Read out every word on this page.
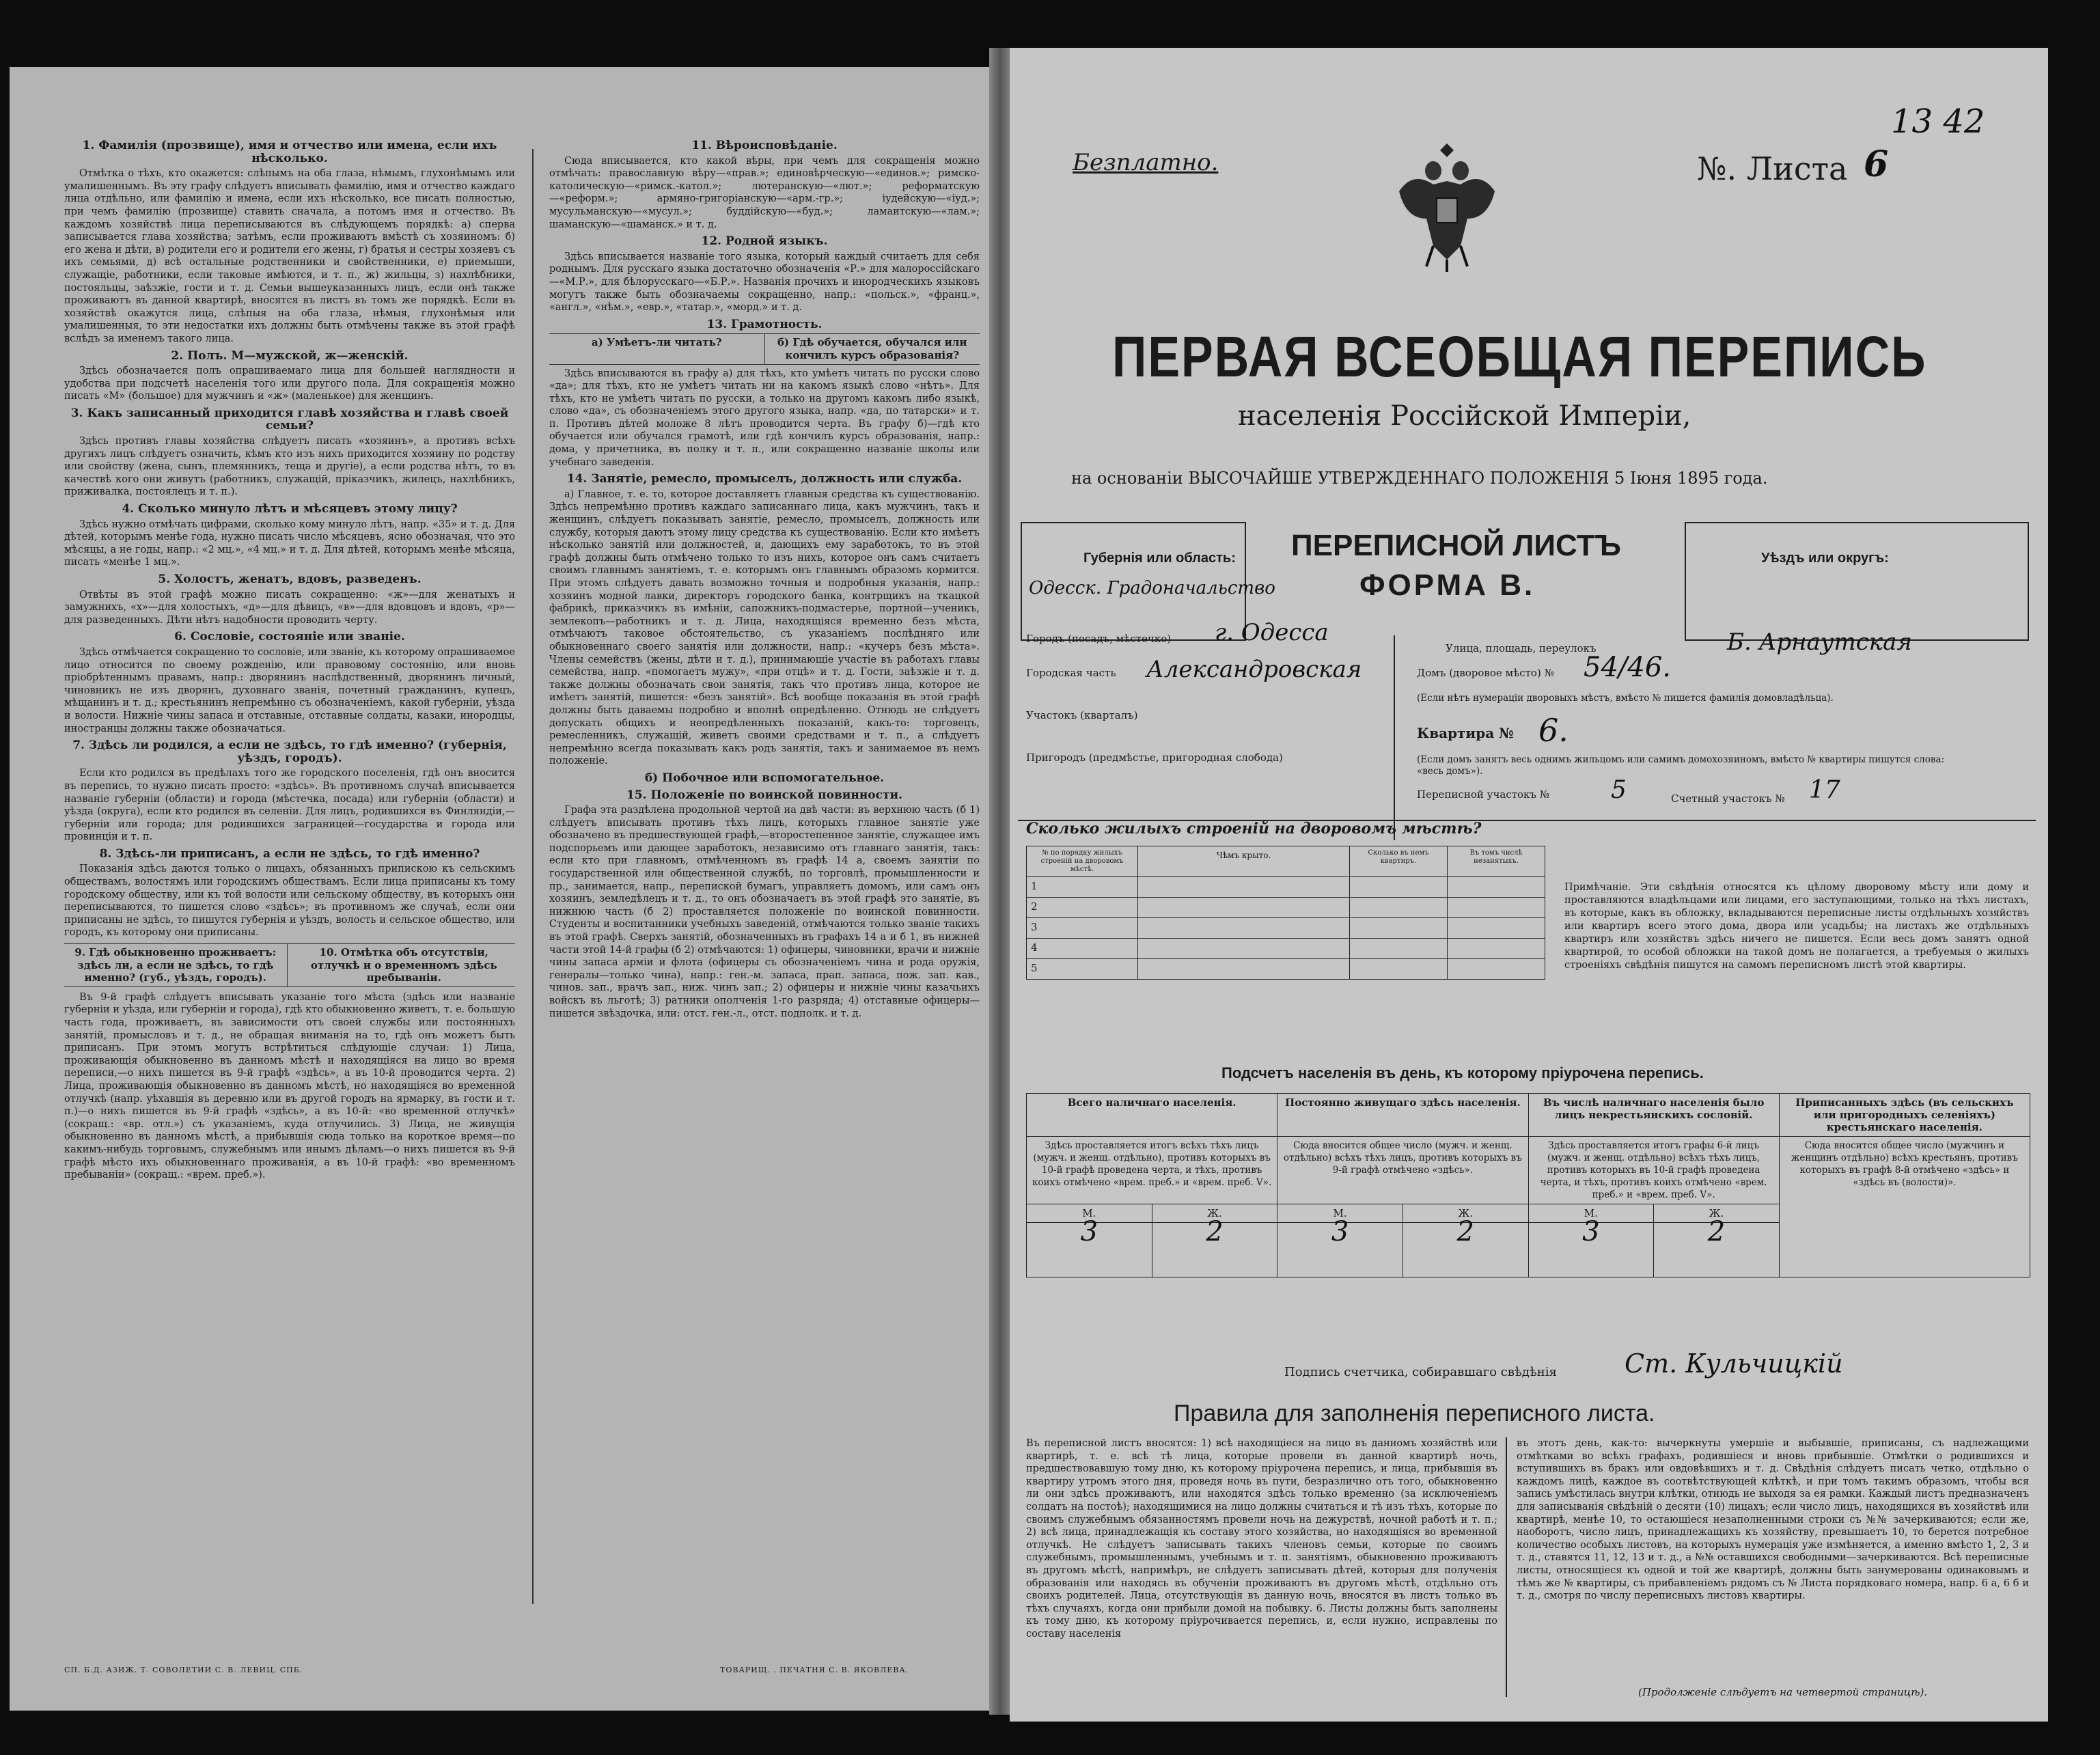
1. Фамилія (прозвище), имя и отчество или имена, если ихъ нѣсколько.

Отмѣтка о тѣхъ, кто окажется: слѣпымъ на оба глаза, нѣмымъ, глухонѣмымъ или умалишеннымъ. Въ эту графу слѣдуетъ вписывать фамилію, имя и отчество каждаго лица отдѣльно, или фамилію и имена, если ихъ нѣсколько, все писать полностью, при чемъ фамилію (прозвище) ставить сначала, а потомъ имя и отчество. Въ каждомъ хозяйствѣ лица переписываются въ слѣдующемъ порядкѣ: а) сперва записывается глава хозяйства; затѣмъ, если проживаютъ вмѣстѣ съ хозяиномъ: б) его жена и дѣти, в) родители его и родители его жены, г) братья и сестры хозяевъ съ ихъ семьями, д) всѣ остальные родственники и свойственники, е) приемыши, служащіе, работники, если таковые имѣются, и т. п., ж) жильцы, з) нахлѣбники, постояльцы, заѣзжіе, гости и т. д. Семьи вышеуказанныхъ лицъ, если онѣ также проживаютъ въ данной квартирѣ, вносятся въ листъ въ томъ же порядкѣ. Если въ хозяйствѣ окажутся лица, слѣпыя на оба глаза, нѣмыя, глухонѣмыя или умалишенныя, то эти недостатки ихъ должны быть отмѣчены также въ этой графѣ вслѣдъ за именемъ такого лица.

2. Полъ. М—мужской, ж—женскій.

Здѣсь обозначается полъ опрашиваемаго лица для большей наглядности и удобства при подсчетѣ населенія того или другого пола. Для сокращенія можно писать «М» (большое) для мужчинъ и «ж» (маленькое) для женщинъ.

3. Какъ записанный приходится главѣ хозяйства и главѣ своей семьи?

Здѣсь противъ главы хозяйства слѣдуетъ писать «хозяинъ», а противъ всѣхъ другихъ лицъ слѣдуетъ означить, кѣмъ кто изъ нихъ приходится хозяину по родству или свойству (жена, сынъ, племянникъ, теща и другіе), а если родства нѣтъ, то въ качествѣ кого они живутъ (работникъ, служащій, пріказчикъ, жилецъ, нахлѣбникъ, приживалка, постоялецъ и т. п.).

4. Сколько минуло лѣтъ и мѣсяцевъ этому лицу?

Здѣсь нужно отмѣчать цифрами, сколько кому минуло лѣтъ, напр. «35» и т. д. Для дѣтей, которымъ менѣе года, нужно писать число мѣсяцевъ, ясно обозначая, что это мѣсяцы, а не годы, напр.: «2 мц.», «4 мц.» и т. д. Для дѣтей, которымъ менѣе мѣсяца, писать «менѣе 1 мц.».

5. Холостъ, женатъ, вдовъ, разведенъ.

Отвѣты въ этой графѣ можно писать сокращенно: «ж»—для женатыхъ и замужнихъ, «х»—для холостыхъ, «д»—для дѣвицъ, «в»—для вдовцовъ и вдовъ, «р»—для разведенныхъ. Дѣти нѣтъ надобности проводить черту.

6. Сословіе, состояніе или званіе.

Здѣсь отмѣчается сокращенно то сословіе, или званіе, къ которому опрашиваемое лицо относится по своему рожденію, или правовому состоянію, или вновь пріобрѣтеннымъ правамъ, напр.: дворянинъ наслѣдственный, дворянинъ личный, чиновникъ не изъ дворянъ, духовнаго званія, почетный гражданинъ, купецъ, мѣщанинъ и т. д.; крестьянинъ непремѣнно съ обозначеніемъ, какой губерніи, уѣзда и волости. Нижніе чины запаса и отставные, отставные солдаты, казаки, инородцы, иностранцы должны также обозначаться.

7. Здѣсь ли родился, а если не здѣсь, то гдѣ именно? (губернія, уѣздъ, городъ).

Если кто родился въ предѣлахъ того же городского поселенія, гдѣ онъ вносится въ перепись, то нужно писать просто: «здѣсь». Въ противномъ случаѣ вписывается названіе губерніи (области) и города (мѣстечка, посада) или губерніи (области) и уѣзда (округа), если кто родился въ селеніи. Для лицъ, родившихся въ Финляндіи,—губерніи или города; для родившихся заграницей—государства и города или провинціи и т. п.

8. Здѣсь-ли приписанъ, а если не здѣсь, то гдѣ именно?

Показанія здѣсь даются только о лицахъ, обязанныхъ припискою къ сельскимъ обществамъ, волостямъ или городскимъ обществамъ. Если лица приписаны къ тому городскому обществу, или къ той волости или сельскому обществу, въ которыхъ они переписываются, то пишется слово «здѣсь»; въ противномъ же случаѣ, если они приписаны не здѣсь, то пишутся губернія и уѣздъ, волость и сельское общество, или городъ, къ которому они приписаны.

9. Гдѣ обыкновенно проживаетъ: здѣсь ли, а если не здѣсь, то гдѣ именно? (губ., уѣздъ, городъ).
10. Отмѣтка объ отсутствіи, отлучкѣ и о временномъ здѣсь пребываніи.

Въ 9-й графѣ слѣдуетъ вписывать указаніе того мѣста (здѣсь или названіе губерніи и уѣзда, или губерніи и города), гдѣ кто обыкновенно живетъ, т. е. большую часть года, проживаетъ, въ зависимости отъ своей службы или постоянныхъ занятій, промысловъ и т. д., не обращая вниманія на то, гдѣ онъ можетъ быть приписанъ. При этомъ могутъ встрѣтиться слѣдующіе случаи: 1) Лица, проживающія обыкновенно въ данномъ мѣстѣ и находящіяся на лицо во время переписи,—о нихъ пишется въ 9-й графѣ «здѣсь», а въ 10-й проводится черта. 2) Лица, проживающія обыкновенно въ данномъ мѣстѣ, но находящіяся во временной отлучкѣ (напр. уѣхавшія въ деревню или въ другой городъ на ярмарку, въ гости и т. п.)—о нихъ пишется въ 9-й графѣ «здѣсь», а въ 10-й: «во временной отлучкѣ» (сокращ.: «вр. отл.») съ указаніемъ, куда отлучились. 3) Лица, не живущія обыкновенно въ данномъ мѣстѣ, а прибывшія сюда только на короткое время—по какимъ-нибудь торговымъ, служебнымъ или инымъ дѣламъ—о нихъ пишется въ 9-й графѣ мѣсто ихъ обыкновеннаго проживанія, а въ 10-й графѣ: «во временномъ пребываніи» (сокращ.: «врем. преб.»).

11. Вѣроисповѣданіе.

Сюда вписывается, кто какой вѣры, при чемъ для сокращенія можно отмѣчать: православную вѣру—«прав.»; единовѣрческую—«единов.»; римско-католическую—«римск.-катол.»; лютеранскую—«лют.»; реформатскую—«реформ.»; армяно-григоріанскую—«арм.-гр.»; іудейскую—«іуд.»; мусульманскую—«мусул.»; буддійскую—«буд.»; ламаитскую—«лам.»; шаманскую—«шаманск.» и т. д.

12. Родной языкъ.

Здѣсь вписывается названіе того языка, который каждый считаетъ для себя роднымъ. Для русскаго языка достаточно обозначенія «Р.» для малороссійскаго—«М.Р.», для бѣлорусскаго—«Б.Р.». Названія прочихъ и инородческихъ языковъ могутъ также быть обозначаемы сокращенно, напр.: «польск.», «франц.», «англ.», «нѣм.», «евр.», «татар.», «морд.» и т. д.

13. Грамотность.
а) Умѣетъ-ли читать?	б) Гдѣ обучается, обучался или кончилъ курсъ образованія?

Здѣсь вписываются въ графу а) для тѣхъ, кто умѣетъ читать по русски слово «да»; для тѣхъ, кто не умѣетъ читать ни на какомъ языкѣ слово «нѣтъ». Для тѣхъ, кто не умѣетъ читать по русски, а только на другомъ какомъ либо языкѣ, слово «да», съ обозначеніемъ этого другого языка, напр. «да, по татарски» и т. п. Противъ дѣтей моложе 8 лѣтъ проводится черта. Въ графу б)—гдѣ кто обучается или обучался грамотѣ, или гдѣ кончилъ курсъ образованія, напр.: дома, у причетника, въ полку и т. п., или сокращенно названіе школы или учебнаго заведенія.

14. Занятіе, ремесло, промыселъ, должность или служба.

а) Главное, т. е. то, которое доставляетъ главныя средства къ существованію. Здѣсь непремѣнно противъ каждаго записаннаго лица, какъ мужчинъ, такъ и женщинъ, слѣдуетъ показывать занятіе, ремесло, промыселъ, должность или службу, которыя даютъ этому лицу средства къ существованію. Если кто имѣетъ нѣсколько занятій или должностей, и, дающихъ ему заработокъ, то въ этой графѣ должны быть отмѣчено только то изъ нихъ, которое онъ самъ считаетъ своимъ главнымъ занятіемъ, т. е. которымъ онъ главнымъ образомъ кормится. При этомъ слѣдуетъ давать возможно точныя и подробныя указанія, напр.: хозяинъ модной лавки, директоръ городского банка, контрщикъ на ткацкой фабрикѣ, приказчикъ въ имѣніи, сапожникъ-подмастерье, портной—ученикъ, землекопъ—работникъ и т. д. Лица, находящіяся временно безъ мѣста, отмѣчаютъ таковое обстоятельство, съ указаніемъ послѣдняго или обыкновеннаго своего занятія или должности, напр.: «кучеръ безъ мѣста». Члены семействъ (жены, дѣти и т. д.), принимающіе участіе въ работахъ главы семейства, напр. «помогаетъ мужу», «при отцѣ» и т. д. Гости, заѣзжіе и т. д. также должны обозначать свои занятія, такъ что противъ лица, которое не имѣетъ занятій, пишется: «безъ занятій». Всѣ вообще показанія въ этой графѣ должны быть даваемы подробно и вполнѣ опредѣленно. Отнюдь не слѣдуетъ допускать общихъ и неопредѣленныхъ показаній, какъ-то: торговецъ, ремесленникъ, служащій, живетъ своими средствами и т. п., а слѣдуетъ непремѣнно всегда показывать какъ родъ занятія, такъ и занимаемое въ немъ положеніе.

б) Побочное или вспомогательное.
15. Положеніе по воинской повинности.

Графа эта раздѣлена продольной чертой на двѣ части: въ верхнюю часть (б 1) слѣдуетъ вписывать противъ тѣхъ лицъ, которыхъ главное занятіе уже обозначено въ предшествующей графѣ,—второстепенное занятіе, служащее имъ подспорьемъ или дающее заработокъ, независимо отъ главнаго занятія, такъ: если кто при главномъ, отмѣченномъ въ графѣ 14 а, своемъ занятіи по государственной или общественной службѣ, по торговлѣ, промышленности и пр., занимается, напр., перепиской бумагъ, управляетъ домомъ, или самъ онъ хозяинъ, земледѣлецъ и т. д., то онъ обозначаетъ въ этой графѣ это занятіе, въ нижнюю часть (б 2) проставляется положеніе по воинской повинности. Студенты и воспитанники учебныхъ заведеній, отмѣчаются только званіе такихъ въ этой графѣ. Сверхъ занятій, обозначенныхъ въ графахъ 14 а и б 1, въ нижней части этой 14-й графы (б 2) отмѣчаются: 1) офицеры, чиновники, врачи и нижніе чины запаса арміи и флота (офицеры съ обозначеніемъ чина и рода оружія, генералы—только чина), напр.: ген.-м. запаса, прап. запаса, пож. зап. кав., чинов. зап., врачъ зап., ниж. чинъ зап.; 2) офицеры и нижніе чины казачьихъ войскъ въ льготѣ; 3) ратники ополченія 1-го разряда; 4) отставные офицеры—пишется звѣздочка, или: отст. ген.-л., отст. подполк. и т. д.

СП. Б.Д. АЗИЖ. Т. СОВОЛЕТИИ С. В. ЛЕВИЦ, СПБ.	ТОВАРИЩ. . ПЕЧАТНЯ С. В. ЯКОВЛЕВА.
13 42
Безплатно.	№. Листа 6
ПЕРВАЯ ВСЕОБЩАЯ ПЕРЕПИСЬ
населенія Россійской Имперіи,
на основаніи ВЫСОЧАЙШЕ УТВЕРЖДЕННАГО ПОЛОЖЕНІЯ 5 Іюня 1895 года.
Губернія или область:
Одесск. Градоначальство
ПЕРЕПИСНОЙ ЛИСТЪ
ФОРМА В.
Уѣздъ или округъ:
Городъ (посадъ, мѣстечко) г. Одесса
Городская часть Александровская
Участокъ (кварталъ)
Пригородъ (предмѣстье, пригородная слобода)
Улица, площадь, переулокъ	Б. Арнаутская
Домъ (дворовое мѣсто) № 54/46.
(Если нѣтъ нумераціи дворовыхъ мѣстъ, вмѣсто № пишется фамилія домовладѣльца).
Квартира № 6.
(Если домъ занятъ весь однимъ жильцомъ или самимъ домохозяиномъ, вмѣсто № квартиры пишутся слова: «весь домъ»).
Переписной участокъ №	5	Счетный участокъ № 17
Сколько жилыхъ строеній на дворовомъ мѣстѣ?
№ по порядку жилыхъ строеній на дворовомъ мѣстѣ.	Чѣмъ крыто.	Сколько въ немъ квартиръ.	Въ томъ числѣ незанятыхъ.
1			
2			
3			
4			
5			
Примѣчаніе. Эти свѣдѣнія относятся къ цѣлому дворовому мѣсту или дому и проставляются владѣльцами или лицами, его заступающими, только на тѣхъ листахъ, въ которые, какъ въ обложку, вкладываются переписные листы отдѣльныхъ хозяйствъ или квартиръ всего этого дома, двора или усадьбы; на листахъ же отдѣльныхъ квартиръ или хозяйствъ здѣсь ничего не пишется. Если весь домъ занятъ одной квартирой, то особой обложки на такой домъ не полагается, а требуемыя о жилыхъ строеніяхъ свѣдѣнія пишутся на самомъ переписномъ листѣ этой квартиры.
Подсчетъ населенія въ день, къ которому пріурочена перепись.
Всего наличнаго населенія.		Постоянно живущаго здѣсь населенія.		Въ числѣ наличнаго населенія было лицъ некрестьянскихъ сословій.		Приписанныхъ здѣсь (въ сельскихъ или пригородныхъ селеніяхъ) крестьянскаго населенія.
Здѣсь проставляется итогъ всѣхъ тѣхъ лицъ (мужч. и женщ. отдѣльно), противъ которыхъ въ 10-й графѣ проведена черта, и тѣхъ, противъ коихъ отмѣчено «врем. преб.» и «врем. преб. V».		Сюда вносится общее число (мужч. и женщ. отдѣльно) всѣхъ тѣхъ лицъ, противъ которыхъ въ 9-й графѣ отмѣчено «здѣсь».		Здѣсь проставляется итогъ графы 6-й лицъ (мужч. и женщ. отдѣльно) всѣхъ тѣхъ лицъ, противъ которыхъ въ 10-й графѣ проведена черта, и тѣхъ, противъ коихъ отмѣчено «врем. преб.» и «врем. преб. V».		Сюда вносится общее число (мужчинъ и женщинъ отдѣльно) всѣхъ крестьянъ, противъ которыхъ въ графѣ 8-й отмѣчено «здѣсь» и «здѣсь въ (волости)».
М.	Ж.	М.	Ж.	М.	Ж.	
3	2	3	2	3	2	
Подпись счетчика, собиравшаго свѣдѣнія	Ст. Кульчицкій
Правила для заполненія переписного листа.
Въ переписной листъ вносятся: 1) всѣ находящіеся на лицо въ данномъ хозяйствѣ или квартирѣ, т. е. всѣ тѣ лица, которые провели въ данной квартирѣ ночь, предшествовавшую тому дню, къ которому пріурочена перепись, и лица, прибывшія въ квартиру утромъ этого дня, проведя ночь въ пути, безразлично отъ того, обыкновенно ли они здѣсь проживаютъ, или находятся здѣсь только временно (за исключеніемъ солдатъ на постоѣ); находящимися на лицо должны считаться и тѣ изъ тѣхъ, которые по своимъ служебнымъ обязанностямъ провели ночь на дежурствѣ, ночной работѣ и т. п.; 2) всѣ лица, принадлежащія къ составу этого хозяйства, но находящіяся во временной отлучкѣ. Не слѣдуетъ записывать такихъ членовъ семьи, которые по своимъ служебнымъ, промышленнымъ, учебнымъ и т. п. занятіямъ, обыкновенно проживаютъ въ другомъ мѣстѣ, напримѣръ, не слѣдуетъ записывать дѣтей, которыя для полученія образованія или находясь въ обученіи проживаютъ въ другомъ мѣстѣ, отдѣльно отъ своихъ родителей. Лица, отсутствующія въ данную ночь, вносятся въ листъ только въ тѣхъ случаяхъ, когда они прибыли домой на побывку. 6. Листы должны быть заполнены къ тому дню, къ которому пріурочивается перепись, и, если нужно, исправлены по составу населенія
въ этотъ день, как-то: вычеркнуты умершіе и выбывшіе, приписаны, съ надлежащими отмѣтками во всѣхъ графахъ, родившіеся и вновь прибывшіе. Отмѣтки о родившихся и вступившихъ въ бракъ или овдовѣвшихъ и т. д. Свѣдѣнія слѣдуетъ писать четко, отдѣльно о каждомъ лицѣ, каждое въ соотвѣтствующей клѣткѣ, и при томъ такимъ образомъ, чтобы вся запись умѣстилась внутри клѣтки, отнюдь не выходя за ея рамки. Каждый листъ предназначенъ для записыванія свѣдѣній о десяти (10) лицахъ; если число лицъ, находящихся въ хозяйствѣ или квартирѣ, менѣе 10, то остающіеся незаполненными строки съ №№ зачеркиваются; если же, наоборотъ, число лицъ, принадлежащихъ къ хозяйству, превышаетъ 10, то берется потребное количество особыхъ листовъ, на которыхъ нумерація уже измѣняется, а именно вмѣсто 1, 2, 3 и т. д., ставятся 11, 12, 13 и т. д., а №№ оставшихся свободными—зачеркиваются. Всѣ переписные листы, относящіеся къ одной и той же квартирѣ, должны быть занумерованы одинаковымъ и тѣмъ же № квартиры, съ прибавленіемъ рядомъ съ № Листа порядковаго номера, напр. 6 а, 6 б и т. д., смотря по числу переписныхъ листовъ квартиры.
(Продолженіе слѣдуетъ на четвертой страницѣ).
